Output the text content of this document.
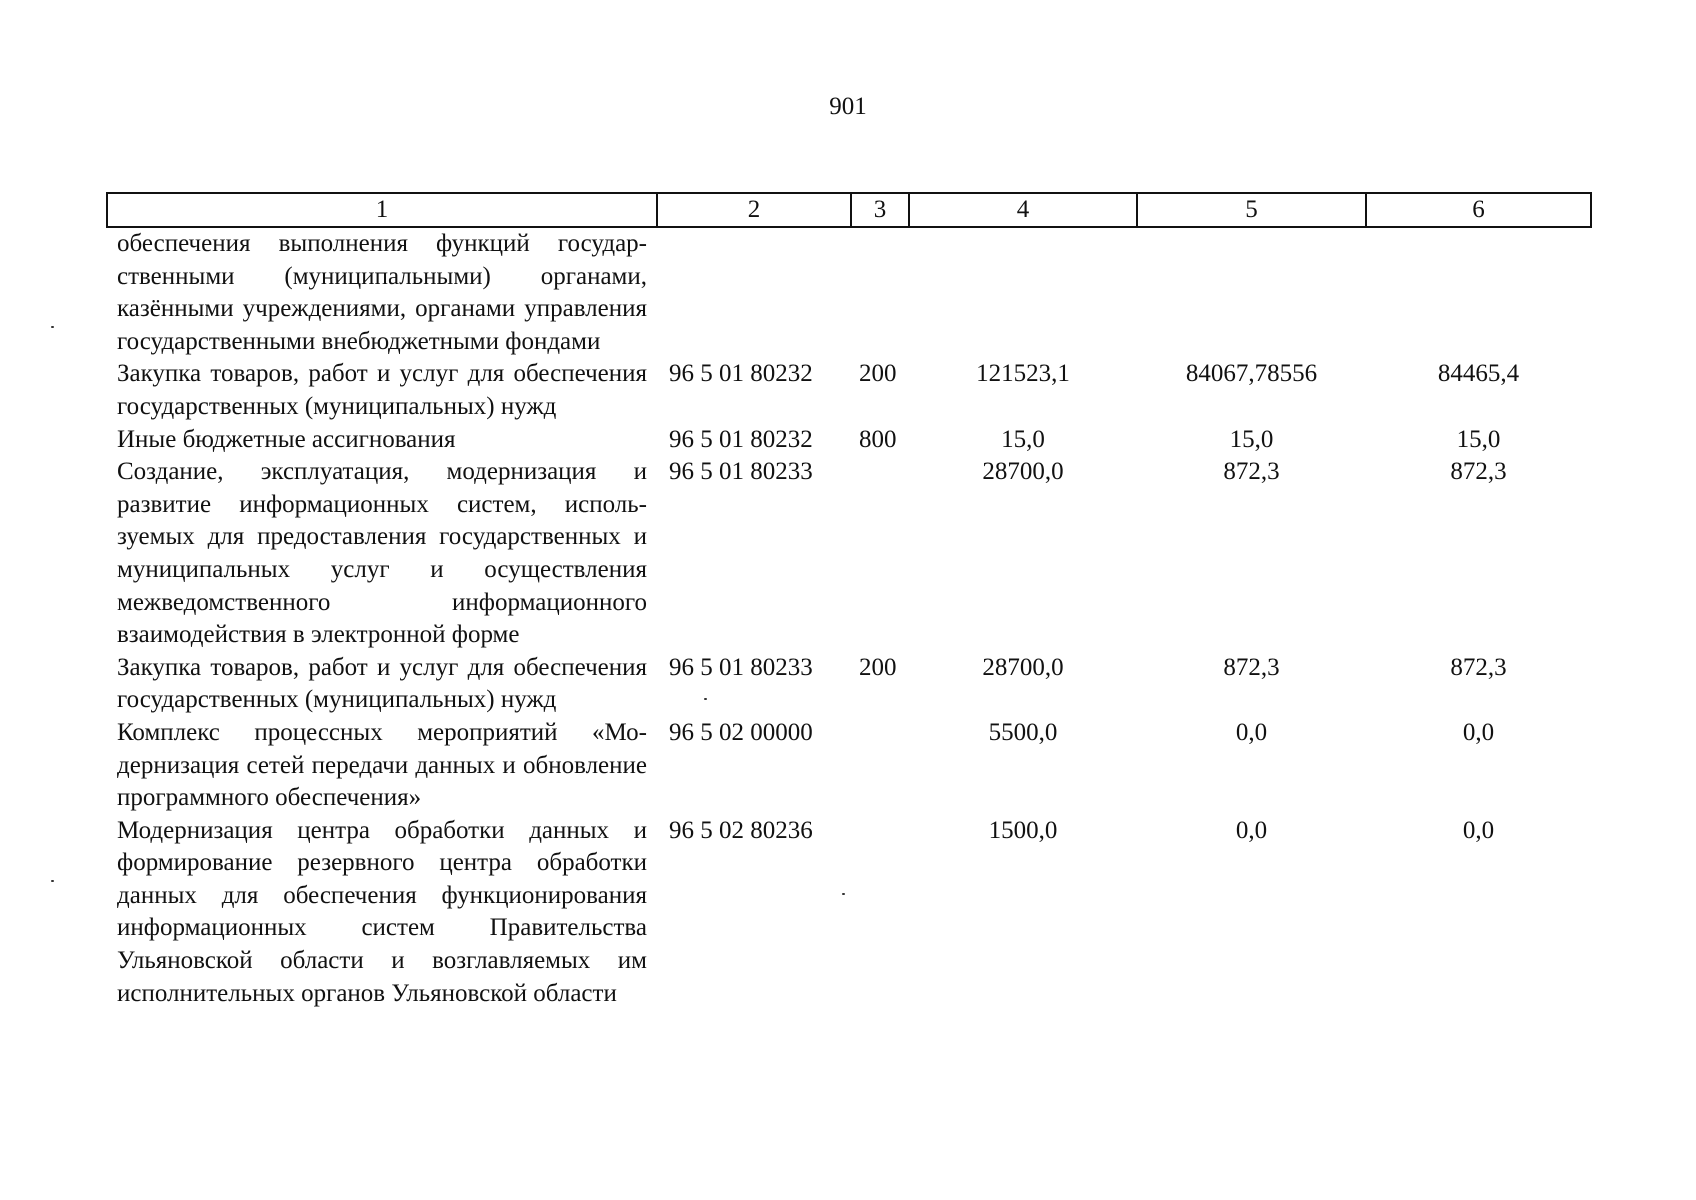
901
1	2	3	4	5	6
обеспечения выполнения функций государственными (муниципальными) органами, казёнными учреждениями, органами управления государственными внебюджетными фондами					
Закупка товаров, работ и услуг для обеспечения государственных (муниципальных) нужд	96 5 01 80232	200	121523,1	84067,78556	84465,4
Иные бюджетные ассигнования	96 5 01 80232	800	15,0	15,0	15,0
Создание, эксплуатация, модернизация и развитие информационных систем, используемых для предоставления государственных и муниципальных услуг и осуществления межведомственного информационного взаимодействия в электронной форме	96 5 01 80233		28700,0	872,3	872,3
Закупка товаров, работ и услуг для обеспечения государственных (муниципальных) нужд	96 5 01 80233	200	28700,0	872,3	872,3
Комплекс процессных мероприятий «Модернизация сетей передачи данных и обновление программного обеспечения»	96 5 02 00000		5500,0	0,0	0,0
Модернизация центра обработки данных и формирование резервного центра обработки данных для обеспечения функционирования информационных систем Правительства Ульяновской области и возглавляемых им исполнительных органов Ульяновской области	96 5 02 80236		1500,0	0,0	0,0
